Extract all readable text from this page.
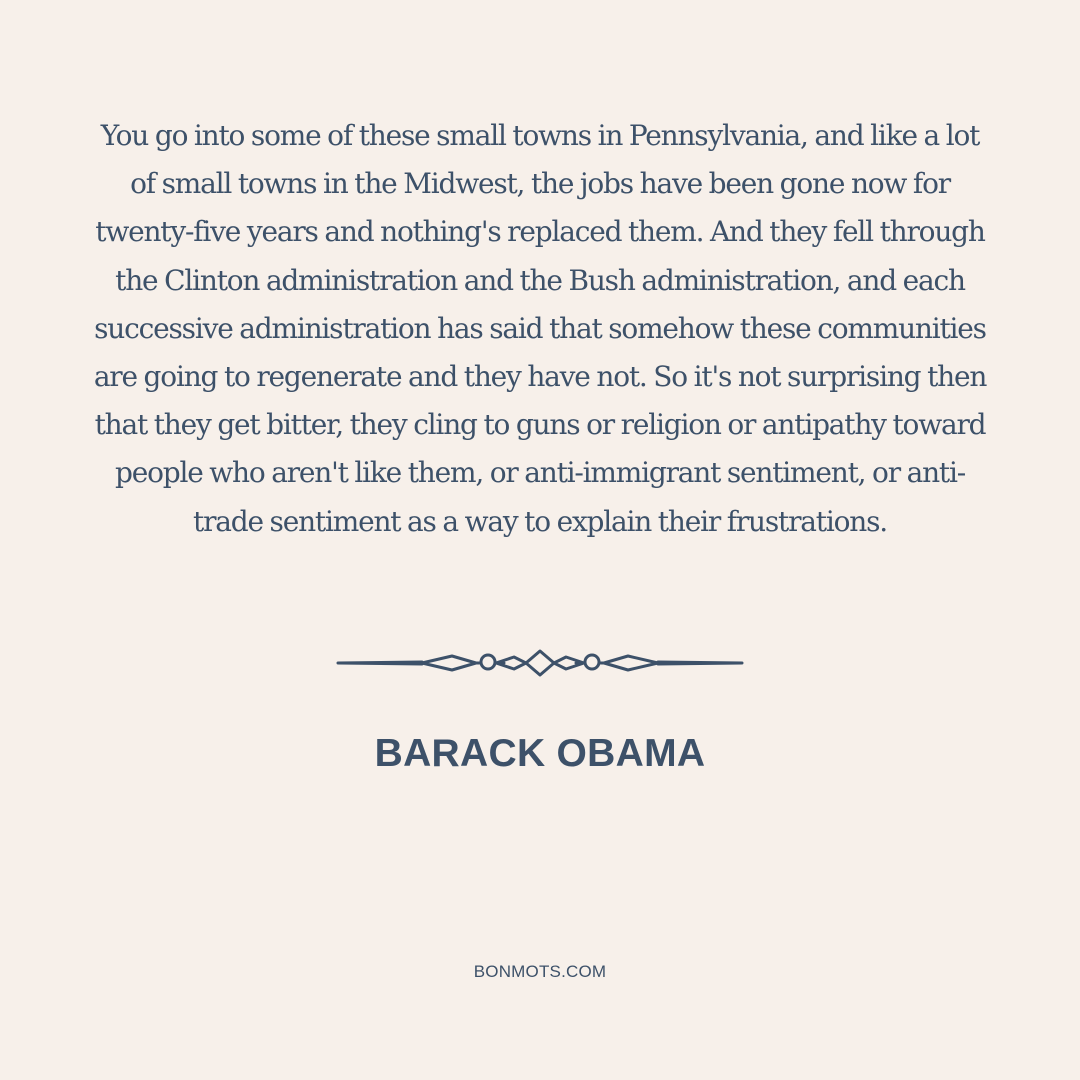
You go into some of these small towns in Pennsylvania, and like a lot of small towns in the Midwest, the jobs have been gone now for twenty-five years and nothing's replaced them. And they fell through the Clinton administration and the Bush administration, and each successive administration has said that somehow these communities are going to regenerate and they have not. So it's not surprising then that they get bitter, they cling to guns or religion or antipathy toward people who aren't like them, or anti-immigrant sentiment, or anti-trade sentiment as a way to explain their frustrations.

BARACK OBAMA
BONMOTS.COM
